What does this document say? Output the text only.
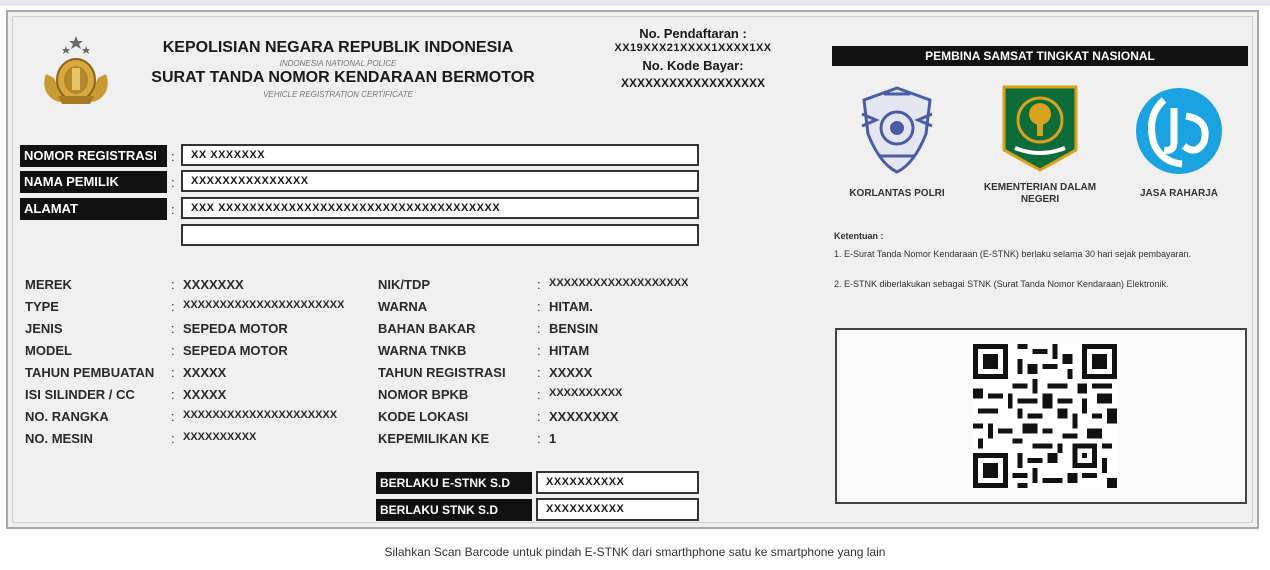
KEPOLISIAN NEGARA REPUBLIK INDONESIA
INDONESIA NATIONAL POLICE
SURAT TANDA NOMOR KENDARAAN BERMOTOR
VEHICLE REGISTRATION CERTIFICATE
No. Pendaftaran :
XX19XXX21XXXX1XXXX1XX
No. Kode Bayar:
XXXXXXXXXXXXXXXXXX
NOMOR REGISTRASI	:	XX XXXXXXX
NAMA PEMILIK	:	XXXXXXXXXXXXXXX
ALAMAT	:	XXX XXXXXXXXXXXXXXXXXXXXXXXXXXXXXXXXXXXX
MEREK	: XXXXXXX
TYPE	: XXXXXXXXXXXXXXXXXXXXXX
JENIS	: SEPEDA MOTOR
MODEL	: SEPEDA MOTOR
TAHUN PEMBUATAN : XXXXX
ISI SILINDER / CC	: XXXXX
NO. RANGKA	: XXXXXXXXXXXXXXXXXXXXX
NO. MESIN	: XXXXXXXXXX
NIK/TDP	: XXXXXXXXXXXXXXXXXXX
WARNA	: HITAM.
BAHAN BAKAR	: BENSIN
WARNA TNKB	: HITAM
TAHUN REGISTRASI : XXXXX
NOMOR BPKB	: XXXXXXXXXX
KODE LOKASI	: XXXXXXXX
KEPEMILIKAN KE	: 1
BERLAKU E-STNK S.D	XXXXXXXXXX
BERLAKU STNK S.D	XXXXXXXXXX
PEMBINA SAMSAT TINGKAT NASIONAL
KORLANTAS POLRI
KEMENTERIAN DALAM NEGERI
JASA RAHARJA
Ketentuan :
1. E-Surat Tanda Nomor Kendaraan (E-STNK) berlaku selama 30 hari sejak pembayaran.
2. E-STNK diberlakukan sebagai STNK (Surat Tanda Nomor Kendaraan) Elektronik.
Silahkan Scan Barcode untuk pindah E-STNK dari smarthphone satu ke smartphone yang lain
